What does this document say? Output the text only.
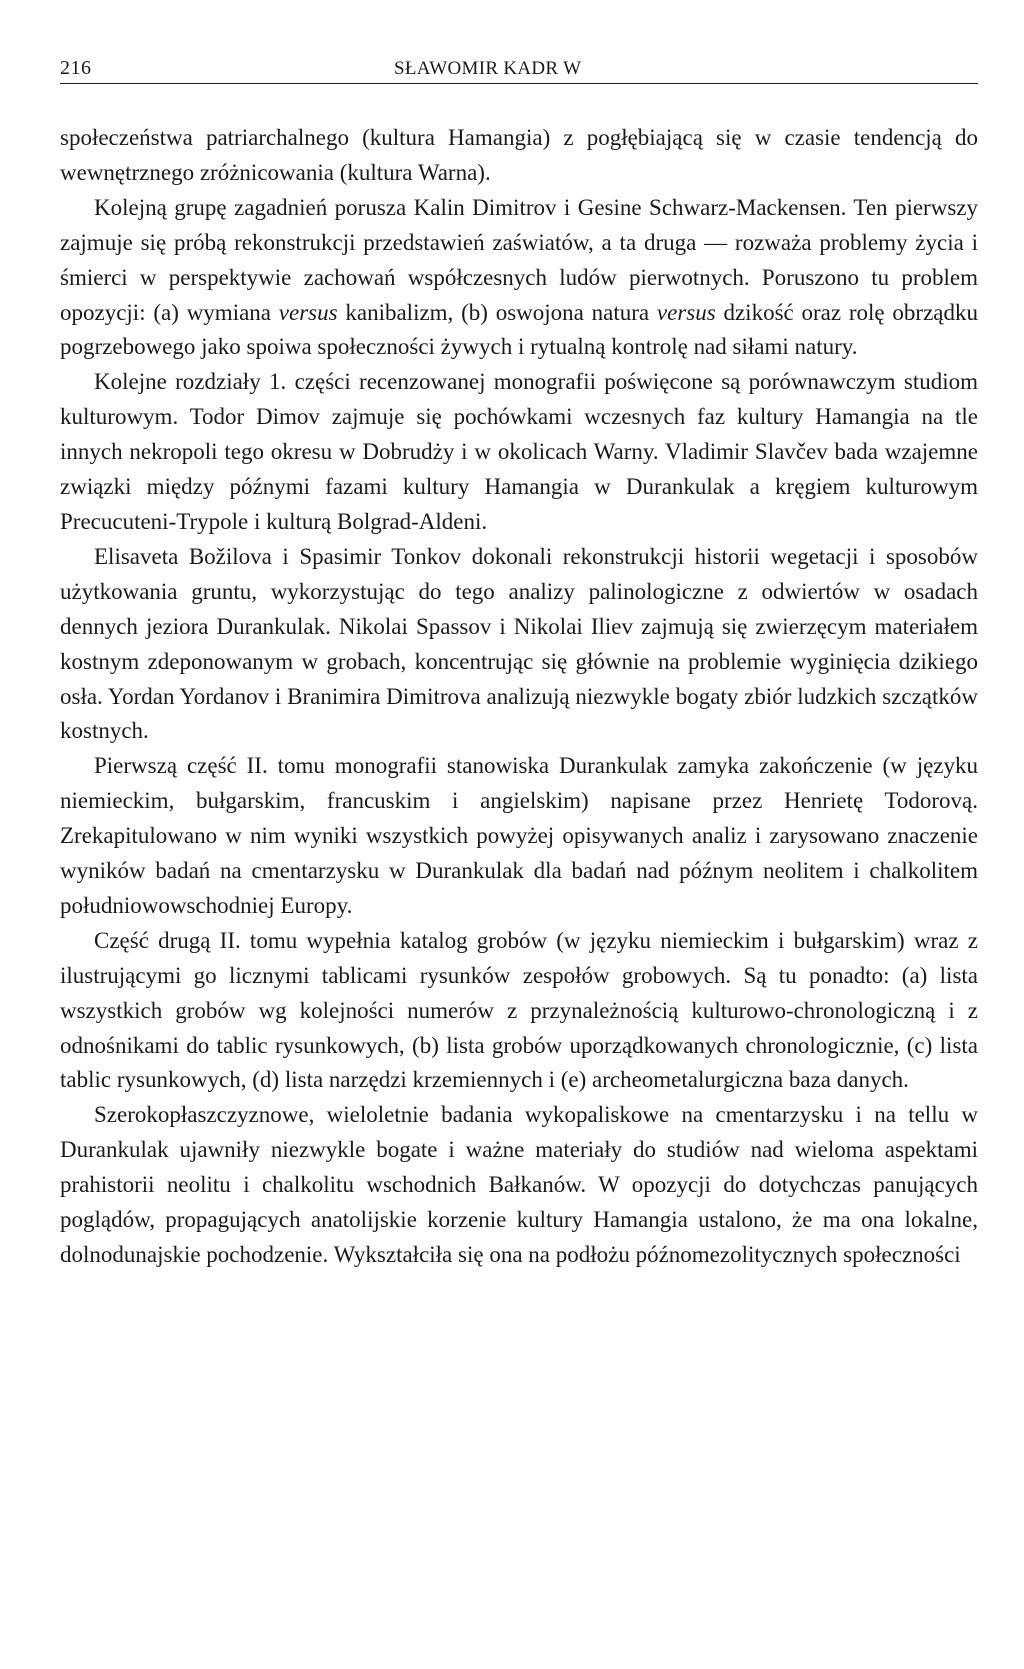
216	SŁAWOMIR KADR W

społeczeństwa patriarchalnego (kultura Hamangia) z pogłębiającą się w czasie tendencją do wewnętrznego zróżnicowania (kultura Warna).

Kolejną grupę zagadnień porusza Kalin Dimitrov i Gesine Schwarz-Mackensen. Ten pierwszy zajmuje się próbą rekonstrukcji przedstawień zaświatów, a ta druga — rozważa problemy życia i śmierci w perspektywie zachowań współczesnych ludów pierwotnych. Poruszono tu problem opozycji: (a) wymiana versus kanibalizm, (b) oswojona natura versus dzikość oraz rolę obrządku pogrzebowego jako spoiwa społeczności żywych i rytualną kontrolę nad siłami natury.

Kolejne rozdziały 1. części recenzowanej monografii poświęcone są porównawczym studiom kulturowym. Todor Dimov zajmuje się pochówkami wczesnych faz kultury Hamangia na tle innych nekropoli tego okresu w Dobrudży i w okolicach Warny. Vladimir Slavčev bada wzajemne związki między późnymi fazami kultury Hamangia w Durankulak a kręgiem kulturowym Precucuteni-Trypole i kulturą Bolgrad-Aldeni.

Elisaveta Božilova i Spasimir Tonkov dokonali rekonstrukcji historii wegetacji i sposobów użytkowania gruntu, wykorzystując do tego analizy palinologiczne z odwiertów w osadach dennych jeziora Durankulak. Nikolai Spassov i Nikolai Iliev zajmują się zwierzęcym materiałem kostnym zdeponowanym w grobach, koncentrując się głównie na problemie wyginięcia dzikiego osła. Yordan Yordanov i Branimira Dimitrova analizują niezwykle bogaty zbiór ludzkich szczątków kostnych.

Pierwszą część II. tomu monografii stanowiska Durankulak zamyka zakończenie (w języku niemieckim, bułgarskim, francuskim i angielskim) napisane przez Henrietę Todorovą. Zrekapitulowano w nim wyniki wszystkich powyżej opisywanych analiz i zarysowano znaczenie wyników badań na cmentarzysku w Durankulak dla badań nad późnym neolitem i chalkolitem południowowschodniej Europy.

Część drugą II. tomu wypełnia katalog grobów (w języku niemieckim i bułgarskim) wraz z ilustrującymi go licznymi tablicami rysunków zespołów grobowych. Są tu ponadto: (a) lista wszystkich grobów wg kolejności numerów z przynależnością kulturowo-chronologiczną i z odnośnikami do tablic rysunkowych, (b) lista grobów uporządkowanych chronologicznie, (c) lista tablic rysunkowych, (d) lista narzędzi krzemiennych i (e) archeometalurgiczna baza danych.

Szerokopłaszczyznowe, wieloletnie badania wykopaliskowe na cmentarzysku i na tellu w Durankulak ujawniły niezwykle bogate i ważne materiały do studiów nad wieloma aspektami prahistorii neolitu i chalkolitu wschodnich Bałkanów. W opozycji do dotychczas panujących poglądów, propagujących anatolijskie korzenie kultury Hamangia ustalono, że ma ona lokalne, dolnodunajskie pochodzenie. Wykształciła się ona na podłożu późnomezolitycznych społeczności
